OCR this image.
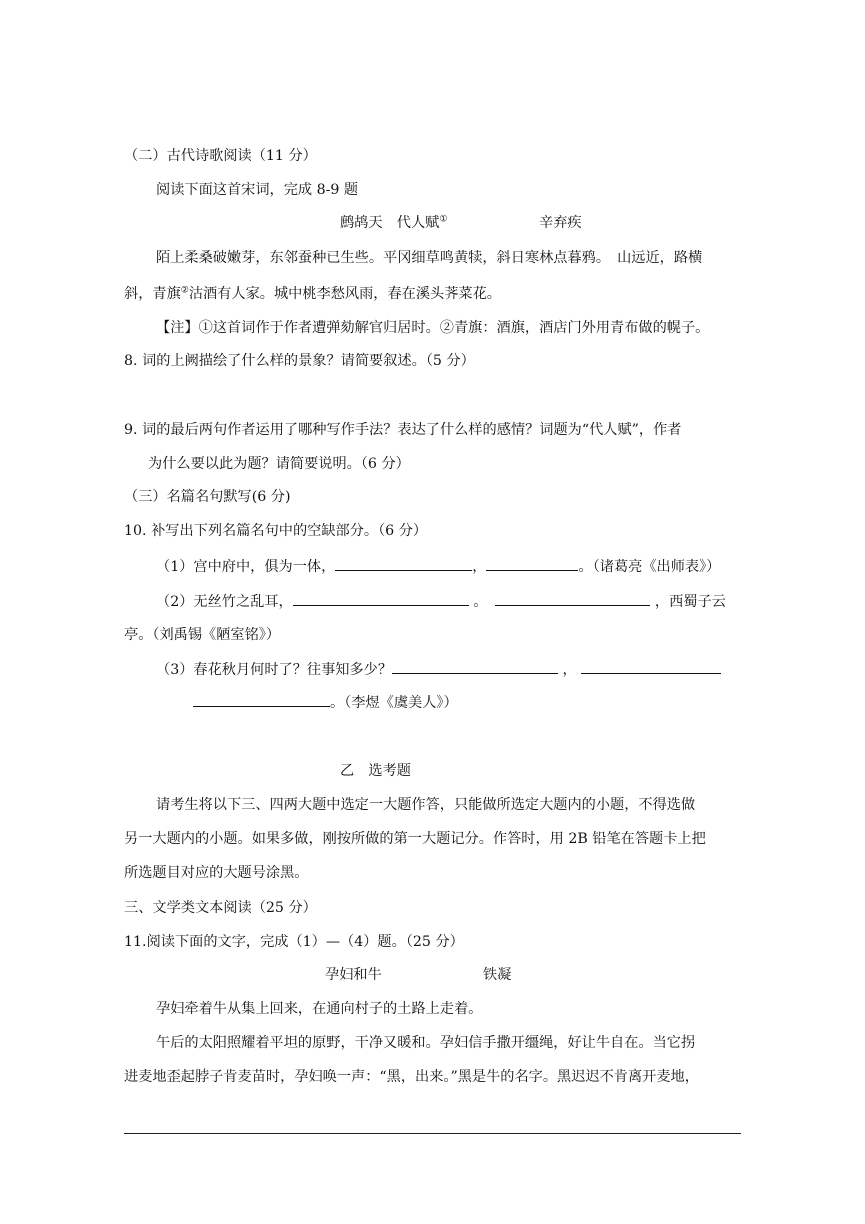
（二）古代诗歌阅读（11 分）
阅读下面这首宋词，完成 8-9 题
鹧鸪天　代人赋①	辛弃疾
陌上柔桑破嫩芽，东邻蚕种已生些。平冈细草鸣黄犊，斜日寒林点暮鸦。　山远近，路横
斜，青旗②沽酒有人家。城中桃李愁风雨，春在溪头荠菜花。
【注】①这首词作于作者遭弹劾解官归居时。②青旗：酒旗，酒店门外用青布做的幌子。
8. 词的上阙描绘了什么样的景象？请简要叙述。（5 分）
9. 词的最后两句作者运用了哪种写作手法？表达了什么样的感情？词题为“代人赋”，作者
为什么要以此为题？请简要说明。（6 分）
（三）名篇名句默写(6 分)
10. 补写出下列名篇名句中的空缺部分。（6 分）
（1）宫中府中，俱为一体，	，	。（诸葛亮《出师表》）
（2）无丝竹之乱耳，	。	，西蜀子云
亭。（刘禹锡《陋室铭》）
（3）春花秋月何时了？往事知多少？	，
。（李煜《虞美人》）
乙　选考题
请考生将以下三、四两大题中选定一大题作答，只能做所选定大题内的小题，不得选做
另一大题内的小题。如果多做，刚按所做的第一大题记分。作答时，用 2B 铅笔在答题卡上把
所选题目对应的大题号涂黑。
三、文学类文本阅读（25 分）
11.阅读下面的文字，完成（1）—（4）题。（25 分）
孕妇和牛	铁凝
孕妇牵着牛从集上回来，在通向村子的土路上走着。
午后的太阳照耀着平坦的原野，干净又暖和。孕妇信手撒开缰绳，好让牛自在。当它拐
进麦地歪起脖子肯麦苗时，孕妇唤一声：“黑，出来。”黑是牛的名字。黑迟迟不肯离开麦地，
